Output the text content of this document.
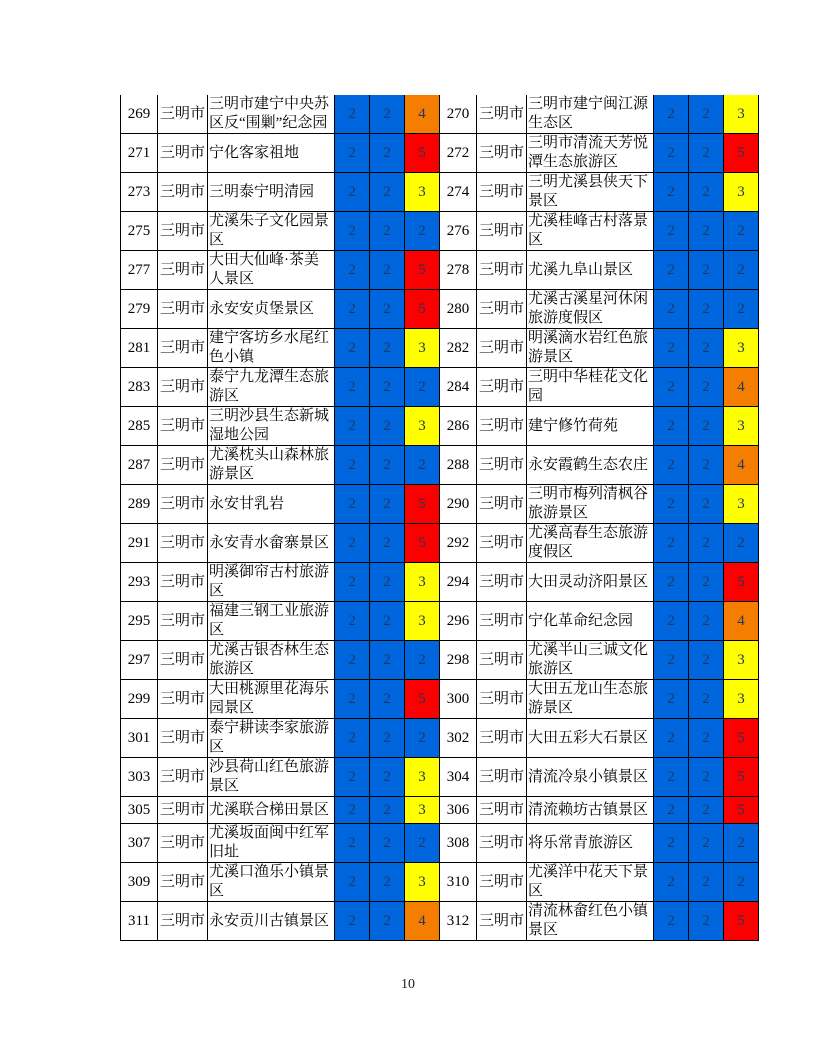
269	三明市	三明市建宁中央苏区反“围剿”纪念园	2	2	4	270	三明市	三明市建宁闽江源生态区	2	2	3
271	三明市	宁化客家祖地	2	2	5	272	三明市	三明市清流天芳悦潭生态旅游区	2	2	5
273	三明市	三明泰宁明清园	2	2	3	274	三明市	三明尤溪县侠天下景区	2	2	3
275	三明市	尤溪朱子文化园景区	2	2	2	276	三明市	尤溪桂峰古村落景区	2	2	2
277	三明市	大田大仙峰·茶美人景区	2	2	5	278	三明市	尤溪九阜山景区	2	2	2
279	三明市	永安安贞堡景区	2	2	5	280	三明市	尤溪古溪星河休闲旅游度假区	2	2	2
281	三明市	建宁客坊乡水尾红色小镇	2	2	3	282	三明市	明溪滴水岩红色旅游景区	2	2	3
283	三明市	泰宁九龙潭生态旅游区	2	2	2	284	三明市	三明中华桂花文化园	2	2	4
285	三明市	三明沙县生态新城湿地公园	2	2	3	286	三明市	建宁修竹荷苑	2	2	3
287	三明市	尤溪枕头山森林旅游景区	2	2	2	288	三明市	永安霞鹤生态农庄	2	2	4
289	三明市	永安甘乳岩	2	2	5	290	三明市	三明市梅列清枫谷旅游景区	2	2	3
291	三明市	永安青水畲寨景区	2	2	5	292	三明市	尤溪高春生态旅游度假区	2	2	2
293	三明市	明溪御帘古村旅游区	2	2	3	294	三明市	大田灵动济阳景区	2	2	5
295	三明市	福建三钢工业旅游区	2	2	3	296	三明市	宁化革命纪念园	2	2	4
297	三明市	尤溪古银杏林生态旅游区	2	2	2	298	三明市	尤溪半山三诚文化旅游区	2	2	3
299	三明市	大田桃源里花海乐园景区	2	2	5	300	三明市	大田五龙山生态旅游景区	2	2	3
301	三明市	泰宁耕读李家旅游区	2	2	2	302	三明市	大田五彩大石景区	2	2	5
303	三明市	沙县荷山红色旅游景区	2	2	3	304	三明市	清流冷泉小镇景区	2	2	5
305	三明市	尤溪联合梯田景区	2	2	3	306	三明市	清流赖坊古镇景区	2	2	5
307	三明市	尤溪坂面闽中红军旧址	2	2	2	308	三明市	将乐常青旅游区	2	2	2
309	三明市	尤溪口渔乐小镇景区	2	2	3	310	三明市	尤溪洋中花天下景区	2	2	2
311	三明市	永安贡川古镇景区	2	2	4	312	三明市	清流林畲红色小镇景区	2	2	5
10
